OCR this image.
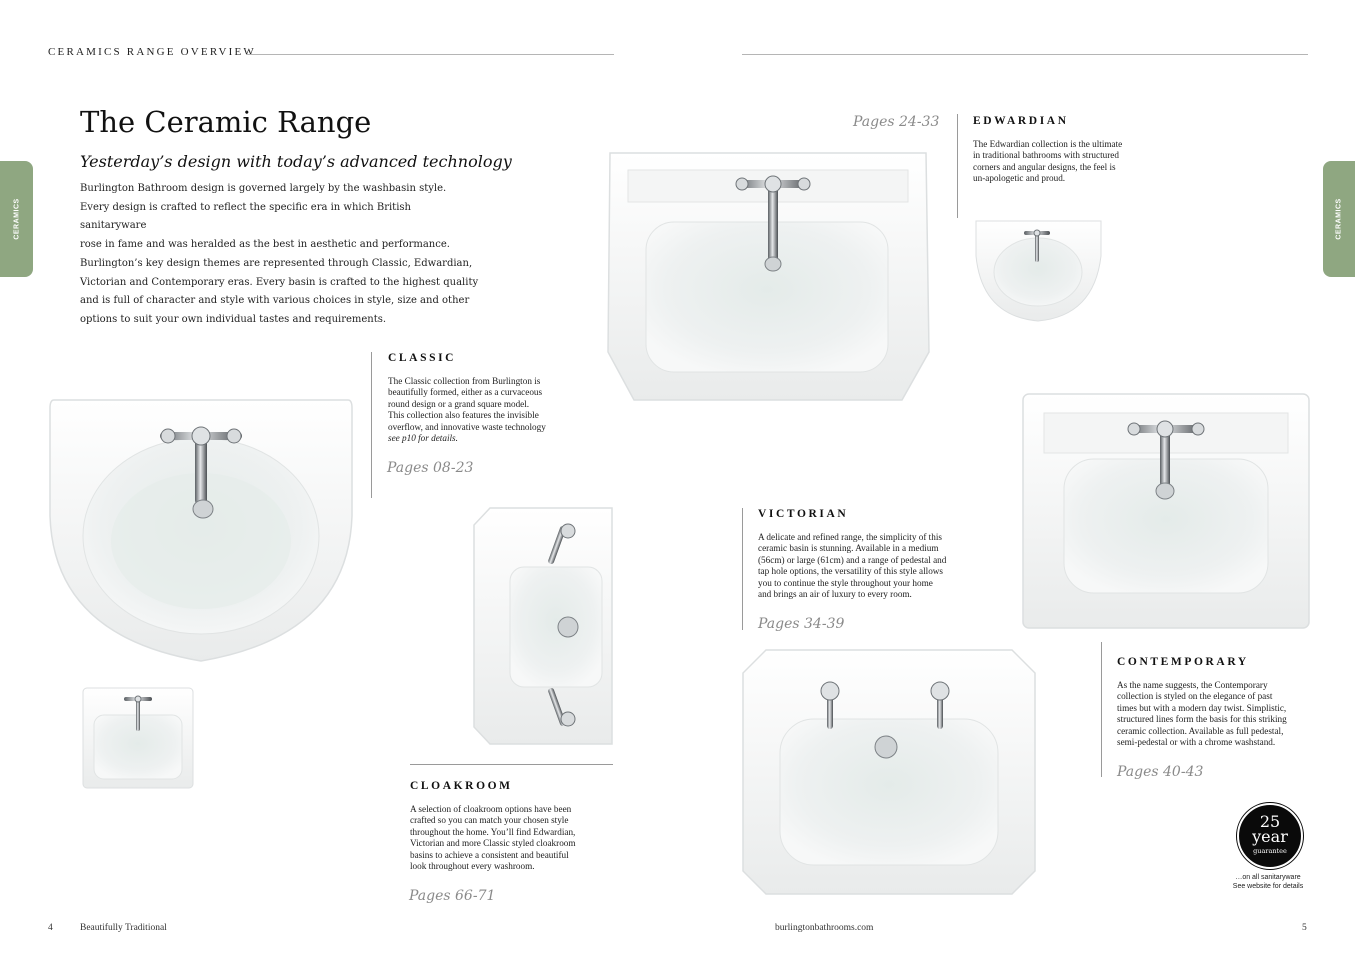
CERAMICS RANGE OVERVIEW
CERAMICS	CERAMICS
The Ceramic Range
Yesterday’s design with today’s advanced technology
Burlington Bathroom design is governed largely by the washbasin style.
Every design is crafted to reflect the specific era in which British sanitaryware
rose in fame and was heralded as the best in aesthetic and performance.
Burlington’s key design themes are represented through Classic, Edwardian,
Victorian and Contemporary eras. Every basin is crafted to the highest quality
and is full of character and style with various choices in style, size and other
options to suit your own individual tastes and requirements.
CLASSIC
The Classic collection from Burlington is
beautifully formed, either as a curvaceous
round design or a grand square model.
This collection also features the invisible
overflow, and innovative waste technology
see p10 for details.
Pages 08-23
CLOAKROOM
A selection of cloakroom options have been
crafted so you can match your chosen style
throughout the home. You’ll find Edwardian,
Victorian and more Classic styled cloakroom
basins to achieve a consistent and beautiful
look throughout every washroom.
Pages 66-71
Pages 24-33	EDWARDIAN
The Edwardian collection is the ultimate
in traditional bathrooms with structured
corners and angular designs, the feel is
un-apologetic and proud.
VICTORIAN
A delicate and refined range, the simplicity of this
ceramic basin is stunning. Available in a medium
(56cm) or large (61cm) and a range of pedestal and
tap hole options, the versatility of this style allows
you to continue the style throughout your home
and brings an air of luxury to every room.
Pages 34-39
CONTEMPORARY
As the name suggests, the Contemporary
collection is styled on the elegance of past
times but with a modern day twist. Simplistic,
structured lines form the basis for this striking
ceramic collection. Available as full pedestal,
semi-pedestal or with a chrome washstand.
Pages 40-43
25
year
guarantee
…on all sanitaryware
See website for details
4	Beautifully Traditional	burlingtonbathrooms.com	5
